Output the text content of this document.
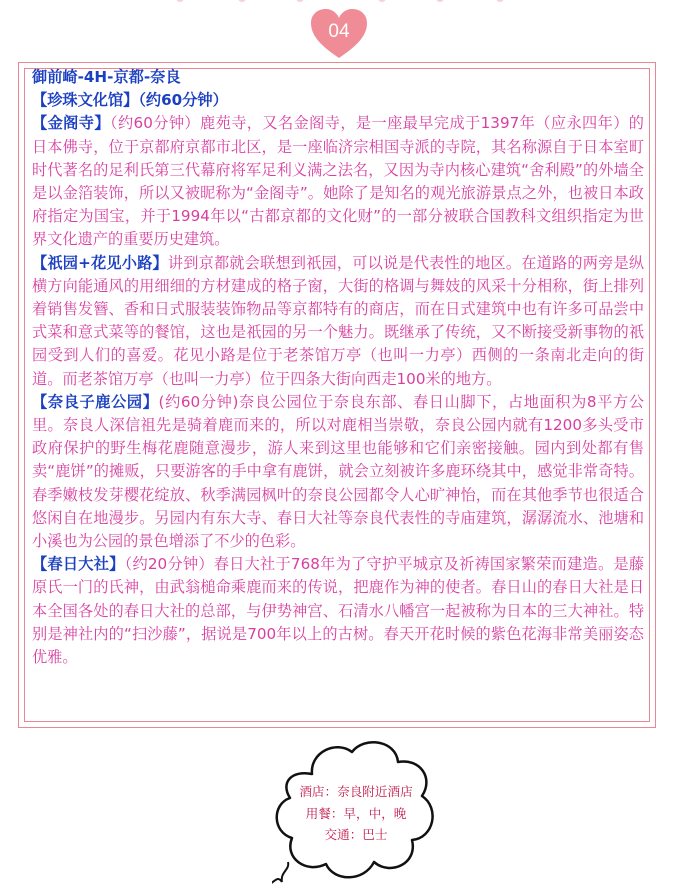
04

御前崎-4H-京都-奈良

【珍珠文化馆】（约60分钟）

【金阁寺】（约60分钟）鹿苑寺，又名金阁寺，是一座最早完成于1397年（应永四年）的日本佛寺，位于京都府京都市北区，是一座临济宗相国寺派的寺院，其名称源自于日本室町时代著名的足利氏第三代幕府将军足利义满之法名，又因为寺内核心建筑“舍利殿”的外墙全是以金箔装饰，所以又被昵称为“金阁寺”。她除了是知名的观光旅游景点之外，也被日本政府指定为国宝，并于1994年以“古都京都的文化财”的一部分被联合国教科文组织指定为世界文化遗产的重要历史建筑。

【祇园+花见小路】讲到京都就会联想到祇园，可以说是代表性的地区。在道路的两旁是纵横方向能通风的用细细的方材建成的格子窗，大街的格调与舞妓的风采十分相称，街上排列着销售发簪、香和日式服装装饰物品等京都特有的商店，而在日式建筑中也有许多可品尝中式菜和意式菜等的餐馆，这也是祇园的另一个魅力。既继承了传统，又不断接受新事物的祇园受到人们的喜爱。花见小路是位于老茶馆万亭（也叫一力亭）西侧的一条南北走向的街道。而老茶馆万亭（也叫一力亭）位于四条大街向西走100米的地方。

【奈良子鹿公园】(约60分钟)奈良公园位于奈良东部、春日山脚下，占地面积为8平方公里。奈良人深信祖先是骑着鹿而来的，所以对鹿相当崇敬，奈良公园内就有1200多头受市政府保护的野生梅花鹿随意漫步，游人来到这里也能够和它们亲密接触。园内到处都有售卖“鹿饼”的摊贩，只要游客的手中拿有鹿饼，就会立刻被许多鹿环绕其中，感觉非常奇特。春季嫩枝发芽樱花绽放、秋季满园枫叶的奈良公园都令人心旷神怡，而在其他季节也很适合悠闲自在地漫步。另园内有东大寺、春日大社等奈良代表性的寺庙建筑，潺潺流水、池塘和小溪也为公园的景色增添了不少的色彩。

【春日大社】（约20分钟）春日大社于768年为了守护平城京及祈祷国家繁荣而建造。是藤原氏一门的氏神，由武翁槌命乘鹿而来的传说，把鹿作为神的使者。春日山的春日大社是日本全国各处的春日大社的总部，与伊势神宫、石清水八幡宫一起被称为日本的三大神社。特别是神社内的“扫沙藤”，据说是700年以上的古树。春天开花时候的紫色花海非常美丽姿态优雅。

酒店：奈良附近酒店
用餐：早，中，晚
交通：巴士
